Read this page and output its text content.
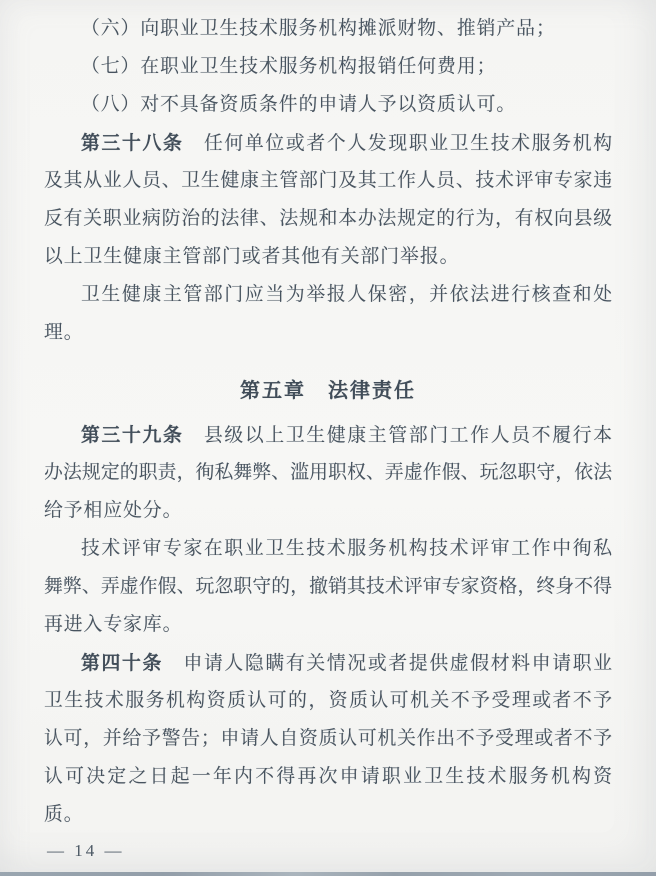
（六）向职业卫生技术服务机构摊派财物、推销产品；
（七）在职业卫生技术服务机构报销任何费用；
（八）对不具备资质条件的申请人予以资质认可。
第三十八条　任何单位或者个人发现职业卫生技术服务机构
及其从业人员、卫生健康主管部门及其工作人员、技术评审专家违
反有关职业病防治的法律、法规和本办法规定的行为，有权向县级
以上卫生健康主管部门或者其他有关部门举报。
卫生健康主管部门应当为举报人保密，并依法进行核查和处
理。
第五章　法律责任
第三十九条　县级以上卫生健康主管部门工作人员不履行本
办法规定的职责，徇私舞弊、滥用职权、弄虚作假、玩忽职守，依法
给予相应处分。
技术评审专家在职业卫生技术服务机构技术评审工作中徇私
舞弊、弄虚作假、玩忽职守的，撤销其技术评审专家资格，终身不得
再进入专家库。
第四十条　申请人隐瞒有关情况或者提供虚假材料申请职业
卫生技术服务机构资质认可的，资质认可机关不予受理或者不予
认可，并给予警告；申请人自资质认可机关作出不予受理或者不予
认可决定之日起一年内不得再次申请职业卫生技术服务机构资
质。
— 14 —
